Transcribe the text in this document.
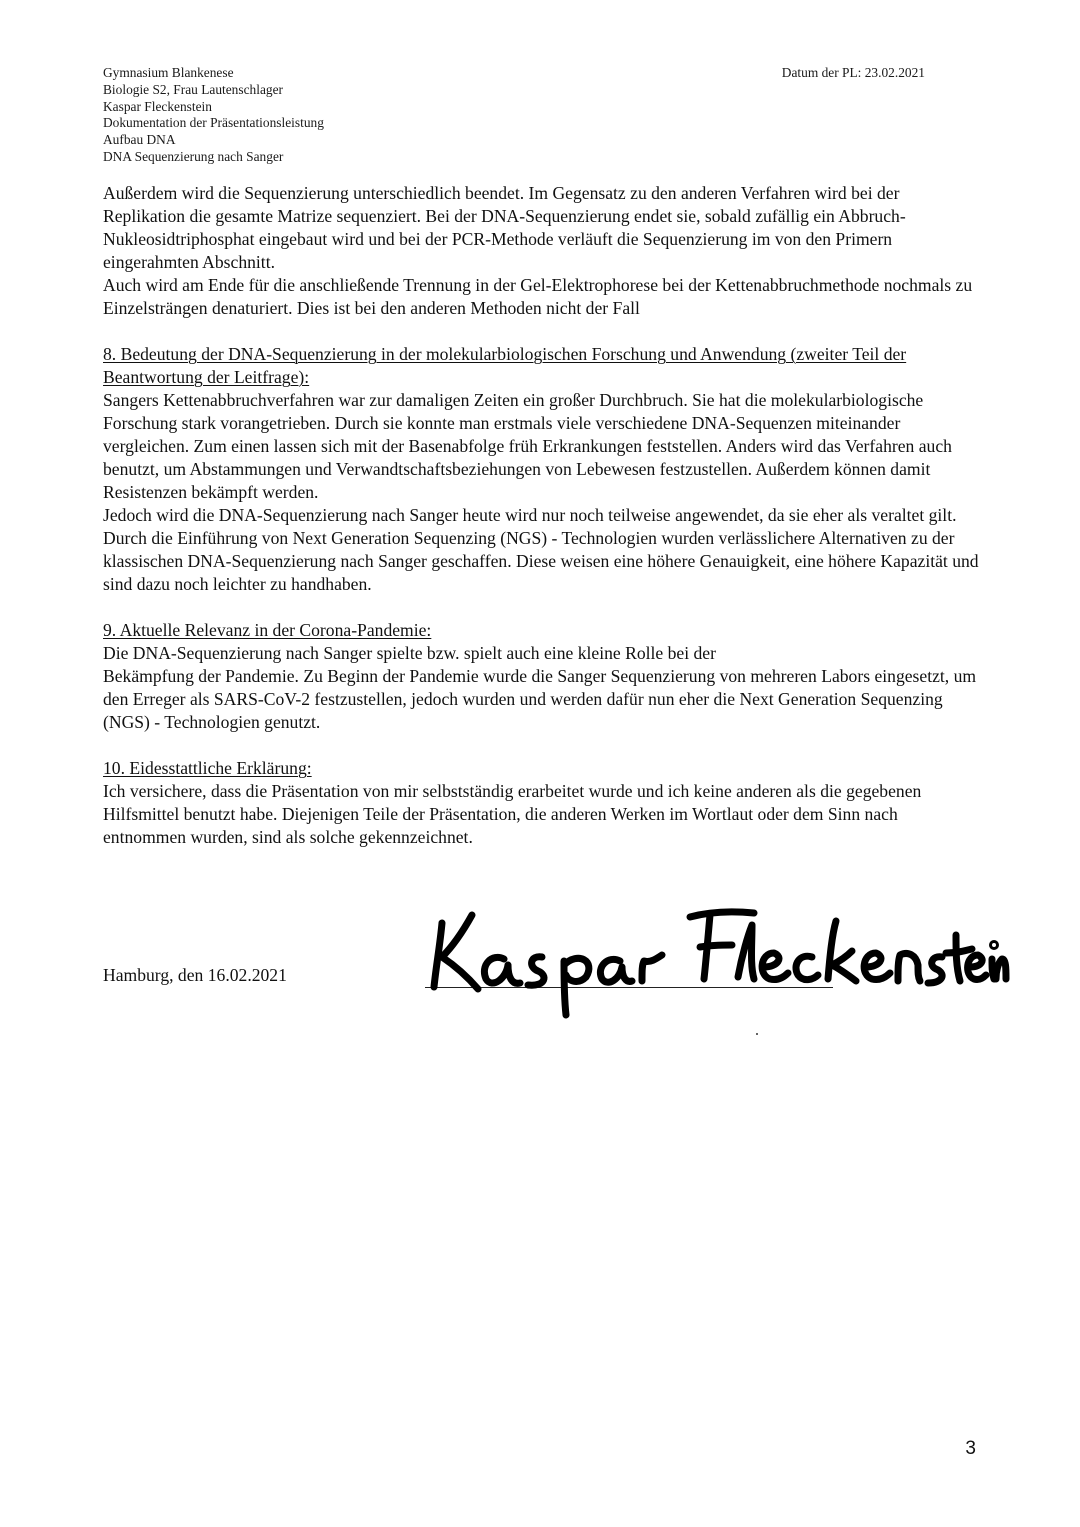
Gymnasium Blankenese
Biologie S2, Frau Lautenschlager
Kaspar Fleckenstein
Dokumentation der Präsentationsleistung
Aufbau DNA
DNA Sequenzierung nach Sanger
Datum der PL: 23.02.2021

Außerdem wird die Sequenzierung unterschiedlich beendet. Im Gegensatz zu den anderen Verfahren wird bei der Replikation die gesamte Matrize sequenziert. Bei der DNA-Sequenzierung endet sie, sobald zufällig ein Abbruch-Nukleosidtriphosphat eingebaut wird und bei der PCR-Methode verläuft die Sequenzierung im von den Primern eingerahmten Abschnitt.

Auch wird am Ende für die anschließende Trennung in der Gel-Elektrophorese bei der Kettenabbruchmethode nochmals zu Einzelsträngen denaturiert. Dies ist bei den anderen Methoden nicht der Fall

8. Bedeutung der DNA-Sequenzierung in der molekularbiologischen Forschung und Anwendung (zweiter Teil der Beantwortung der Leitfrage):

Sangers Kettenabbruchverfahren war zur damaligen Zeiten ein großer Durchbruch. Sie hat die molekularbiologische Forschung stark vorangetrieben. Durch sie konnte man erstmals viele verschiedene DNA-Sequenzen miteinander vergleichen. Zum einen lassen sich mit der Basenabfolge früh Erkrankungen feststellen. Anders wird das Verfahren auch benutzt, um Abstammungen und Verwandtschaftsbeziehungen von Lebewesen festzustellen. Außerdem können damit Resistenzen bekämpft werden.

Jedoch wird die DNA-Sequenzierung nach Sanger heute wird nur noch teilweise angewendet, da sie eher als veraltet gilt. Durch die Einführung von Next Generation Sequenzing (NGS) - Technologien wurden verlässlichere Alternativen zu der klassischen DNA-Sequenzierung nach Sanger geschaffen. Diese weisen eine höhere Genauigkeit, eine höhere Kapazität und sind dazu noch leichter zu handhaben.

9. Aktuelle Relevanz in der Corona-Pandemie:

Die DNA-Sequenzierung nach Sanger spielte bzw. spielt auch eine kleine Rolle bei der

Bekämpfung der Pandemie. Zu Beginn der Pandemie wurde die Sanger Sequenzierung von mehreren Labors eingesetzt, um den Erreger als SARS-CoV-2 festzustellen, jedoch wurden und werden dafür nun eher die Next Generation Sequenzing (NGS) - Technologien genutzt.

10. Eidesstattliche Erklärung:

Ich versichere, dass die Präsentation von mir selbstständig erarbeitet wurde und ich keine anderen als die gegebenen Hilfsmittel benutzt habe. Diejenigen Teile der Präsentation, die anderen Werken im Wortlaut oder dem Sinn nach entnommen wurden, sind als solche gekennzeichnet.

Hamburg, den 16.02.2021
3
